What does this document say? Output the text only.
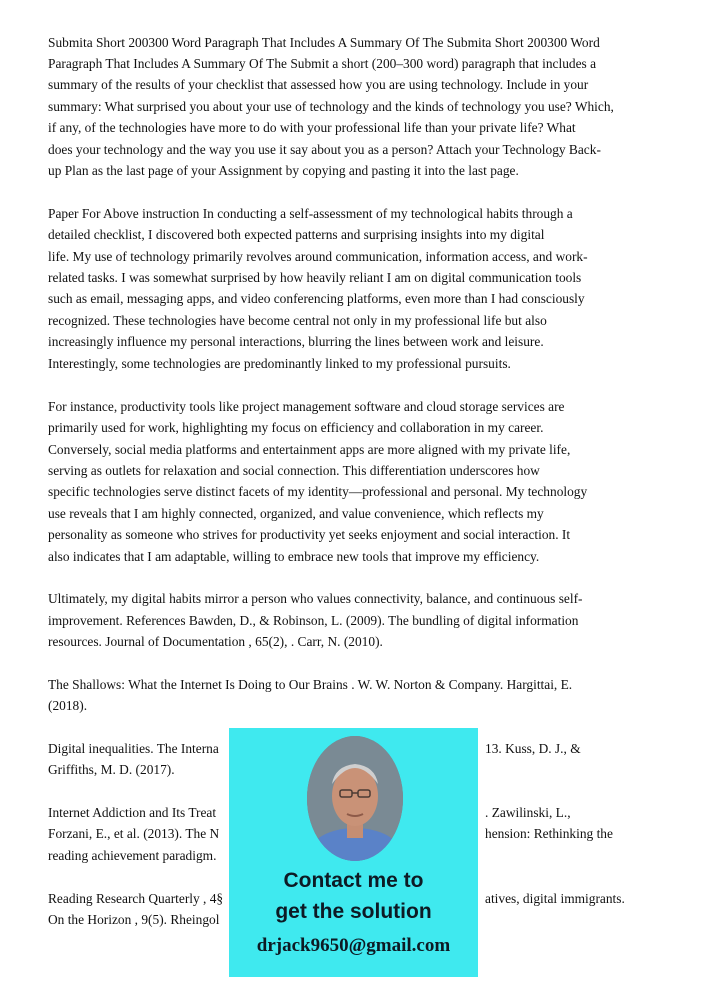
Submita Short 200300 Word Paragraph That Includes A Summary Of The Submita Short 200300 Word
Paragraph That Includes A Summary Of The Submit a short (200–300 word) paragraph that includes a
summary of the results of your checklist that assessed how you are using technology. Include in your
summary: What surprised you about your use of technology and the kinds of technology you use? Which,
if any, of the technologies have more to do with your professional life than your private life? What
does your technology and the way you use it say about you as a person? Attach your Technology Back-
up Plan as the last page of your Assignment by copying and pasting it into the last page.
Paper For Above instruction In conducting a self-assessment of my technological habits through a
detailed checklist, I discovered both expected patterns and surprising insights into my digital
life. My use of technology primarily revolves around communication, information access, and work-
related tasks. I was somewhat surprised by how heavily reliant I am on digital communication tools
such as email, messaging apps, and video conferencing platforms, even more than I had consciously
recognized. These technologies have become central not only in my professional life but also
increasingly influence my personal interactions, blurring the lines between work and leisure.
Interestingly, some technologies are predominantly linked to my professional pursuits.
For instance, productivity tools like project management software and cloud storage services are
primarily used for work, highlighting my focus on efficiency and collaboration in my career.
Conversely, social media platforms and entertainment apps are more aligned with my private life,
serving as outlets for relaxation and social connection. This differentiation underscores how
specific technologies serve distinct facets of my identity—professional and personal. My technology
use reveals that I am highly connected, organized, and value convenience, which reflects my
personality as someone who strives for productivity yet seeks enjoyment and social interaction. It
also indicates that I am adaptable, willing to embrace new tools that improve my efficiency.
Ultimately, my digital habits mirror a person who values connectivity, balance, and continuous self-
improvement. References Bawden, D., & Robinson, L. (2009). The bundling of digital information
resources. Journal of Documentation , 65(2), . Carr, N. (2010).
The Shallows: What the Internet Is Doing to Our Brains . W. W. Norton & Company. Hargittai, E.
(2018).
Digital inequalities. The Interna	13. Kuss, D. J., &
Griffiths, M. D. (2017).
Internet Addiction and Its Treat	. Zawilinski, L.,
Forzani, E., et al. (2013). The N	hension: Rethinking the
reading achievement paradigm.
Reading Research Quarterly , 4§	atives, digital immigrants.
On the Horizon , 9(5). Rheingol
Contact me to
get the solution
drjack9650@gmail.com
